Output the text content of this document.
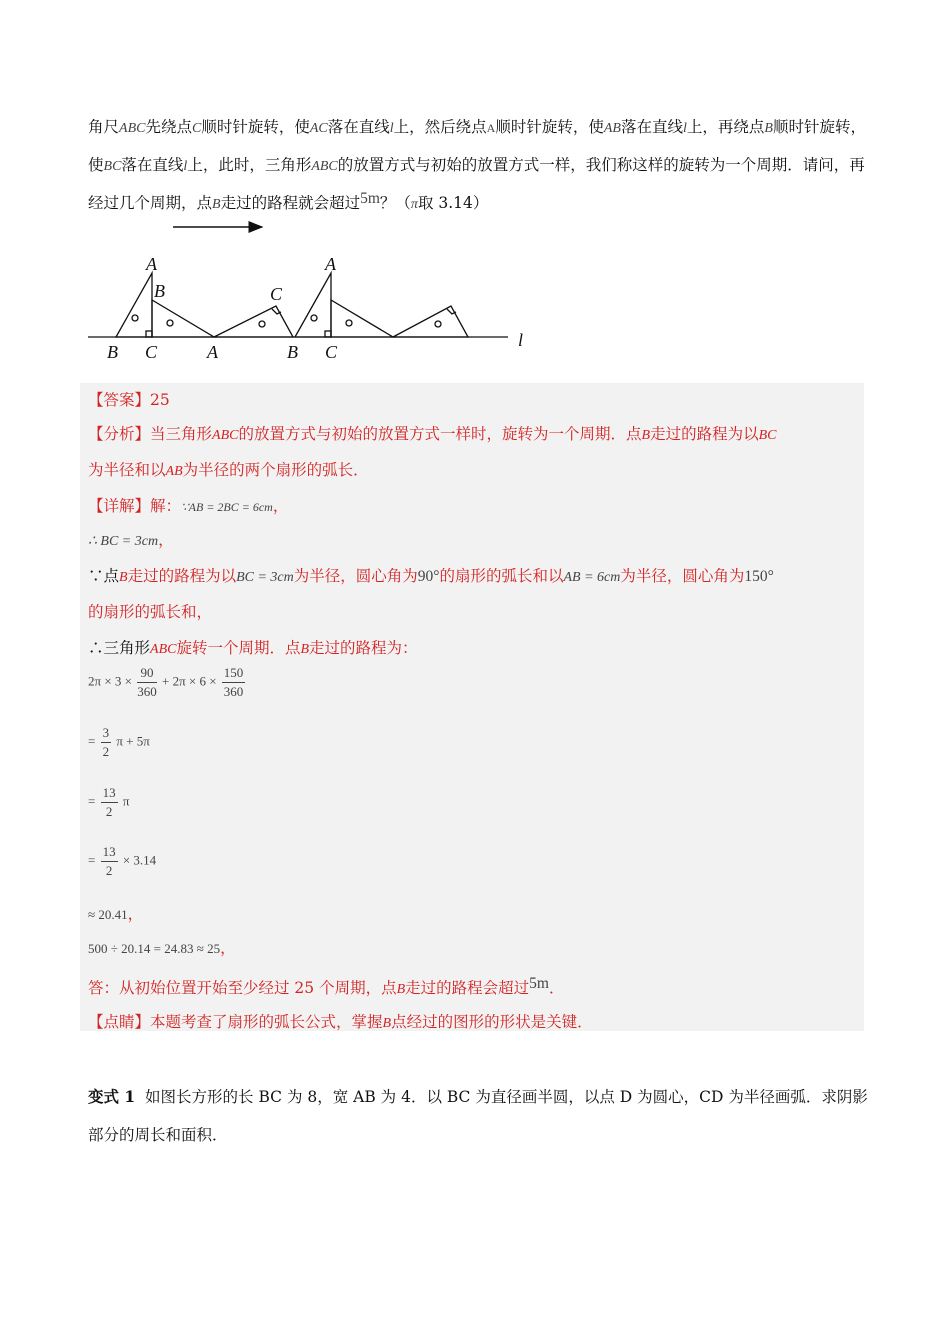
角尺ABC先绕点C顺时针旋转，使AC落在直线l上，然后绕点A顺时针旋转，使AB落在直线l上，再绕点B顺时针旋转，使BC落在直线l上，此时，三角形ABC的放置方式与初始的放置方式一样，我们称这样的旋转为一个周期．请问，再经过几个周期，点B走过的路程就会超过5m？（π取 3.14）
A
B	C
B C	A	B C
A
l
【答案】25
【分析】当三角形ABC的放置方式与初始的放置方式一样时，旋转为一个周期．点B走过的路程为以BC
为半径和以AB为半径的两个扇形的弧长．
【详解】解：∵AB = 2BC = 6cm，
∴ BC = 3cm，
∵点B走过的路程为以BC = 3cm为半径，圆心角为90°的扇形的弧长和以AB = 6cm为半径，圆心角为150°
的扇形的弧长和，
∴三角形ABC旋转一个周期．点B走过的路程为：
$2\pi \times 3 \times \frac{90}{360} + 2\pi \times 6 \times \frac{150}{360}$
= $\frac{3}{2}$ π + 5π
= $\frac{13}{2}$ π
= $\frac{13}{2} \times 3.14$
≈ 20.41，
500 ÷ 20.14 = 24.83 ≈ 25，
答：从初始位置开始至少经过 25 个周期，点B走过的路程会超过5m．
【点睛】本题考查了扇形的弧长公式，掌握B点经过的图形的形状是关键．
变式 1 如图长方形的长 BC 为 8，宽 AB 为 4．以 BC 为直径画半圆，以点 D 为圆心，CD 为半径画弧．求阴影部分的周长和面积．
